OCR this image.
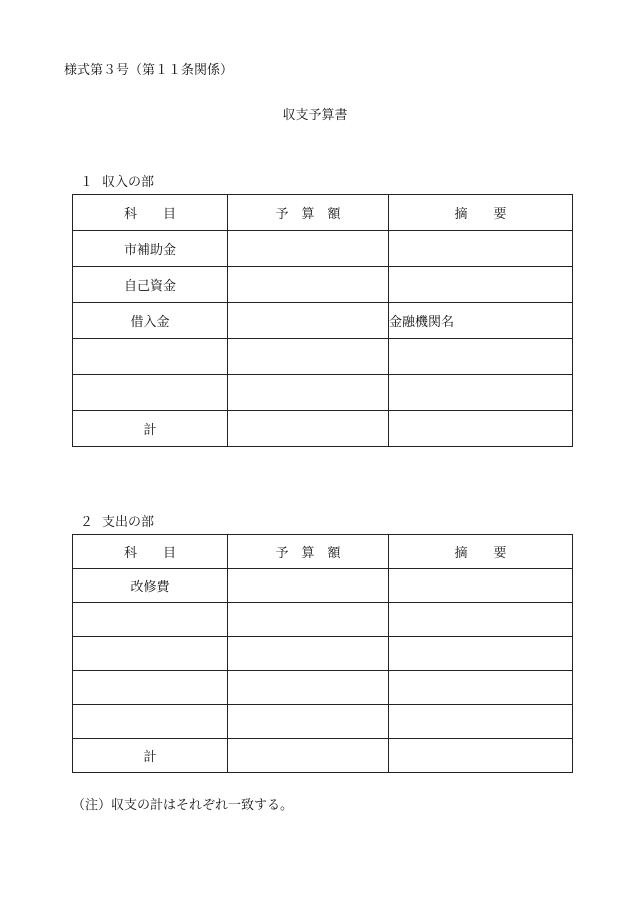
様式第３号（第１１条関係）
収支予算書
１ 収入の部
科　　目	予　算　額	摘　　要
市補助金		
自己資金		
借入金		金融機関名

計		
２ 支出の部
科　　目	予　算　額	摘　　要
改修費		

計		
（注）収支の計はそれぞれ一致する。
